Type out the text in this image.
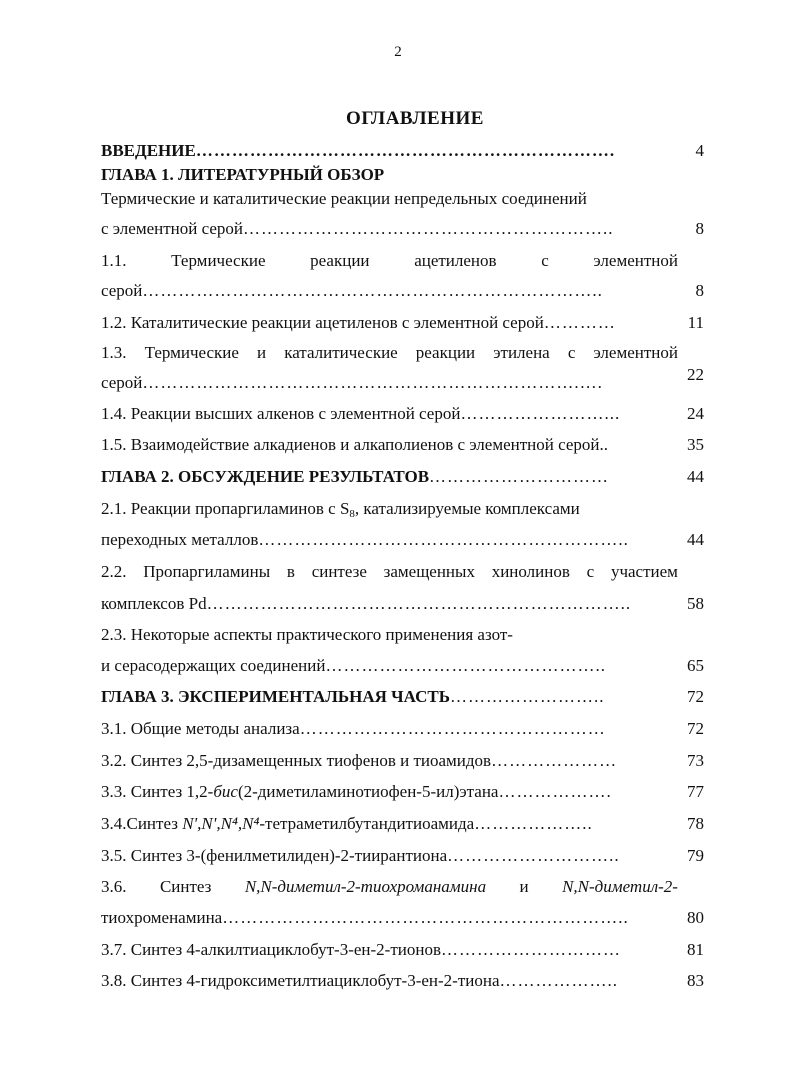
2
ОГЛАВЛЕНИЕ
ВВЕДЕНИЕ…………………………………………………………….	4
ГЛАВА 1. ЛИТЕРАТУРНЫЙ ОБЗОР
Термические и каталитические реакции непредельных соединений
с элементной серой……………………………………………………..	8
1.1.	Термические	реакции	ацетиленов	с	элементной
серой…………………………………………………………………..	8
1.2. Каталитические реакции ацетиленов с элементной серой…………	11
1.3. Термические и каталитические реакции этилена с элементной
серой……………………………………………………………….….	22
1.4. Реакции высших алкенов с элементной серой……………………...	24
1.5. Взаимодействие алкадиенов и алкаполиенов с элементной серой..	35
ГЛАВА 2. ОБСУЖДЕНИЕ РЕЗУЛЬТАТОВ…………………………	44
2.1. Реакции пропаргиламинов с $S_8$, катализируемые комплексами
переходных металлов……………………………………………………..	44
2.2. Пропаргиламины в синтезе замещенных хинолинов с участием
комплексов Pd……………………………………………………………..	58
2.3. Некоторые аспекты практического применения азот-
и серасодержащих соединений………………………………………..	65
ГЛАВА 3. ЭКСПЕРИМЕНТАЛЬНАЯ ЧАСТЬ……………………..	72
3.1. Общие методы анализа……………………………………………	72
3.2. Синтез 2,5-дизамещенных тиофенов и тиоамидов…………………	73
3.3. Синтез 1,2-бис(2-диметиламинотиофен-5-ил)этана……………….	77
3.4.Синтез N',N',N⁴,N⁴-тетраметилбутандитиоамида………………..	78
3.5. Синтез 3-(фенилметилиден)-2-тиирантиона………………………..	79
3.6. Синтез N,N-диметил-2-тиохроманамина и N,N-диметил-2-
тиохроменамина…………………………………………………………..	80
3.7. Синтез 4-алкилтиациклобут-3-ен-2-тионов…………………………	81
3.8. Синтез 4-гидроксиметилтиациклобут-3-ен-2-тиона………………..	83
